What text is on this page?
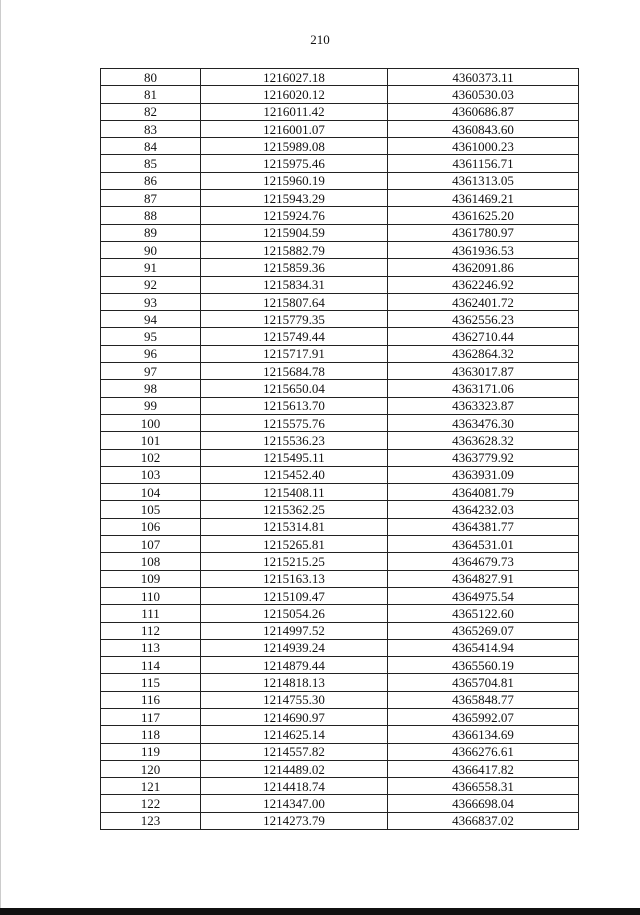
210
80	1216027.18	4360373.11
81	1216020.12	4360530.03
82	1216011.42	4360686.87
83	1216001.07	4360843.60
84	1215989.08	4361000.23
85	1215975.46	4361156.71
86	1215960.19	4361313.05
87	1215943.29	4361469.21
88	1215924.76	4361625.20
89	1215904.59	4361780.97
90	1215882.79	4361936.53
91	1215859.36	4362091.86
92	1215834.31	4362246.92
93	1215807.64	4362401.72
94	1215779.35	4362556.23
95	1215749.44	4362710.44
96	1215717.91	4362864.32
97	1215684.78	4363017.87
98	1215650.04	4363171.06
99	1215613.70	4363323.87
100	1215575.76	4363476.30
101	1215536.23	4363628.32
102	1215495.11	4363779.92
103	1215452.40	4363931.09
104	1215408.11	4364081.79
105	1215362.25	4364232.03
106	1215314.81	4364381.77
107	1215265.81	4364531.01
108	1215215.25	4364679.73
109	1215163.13	4364827.91
110	1215109.47	4364975.54
111	1215054.26	4365122.60
112	1214997.52	4365269.07
113	1214939.24	4365414.94
114	1214879.44	4365560.19
115	1214818.13	4365704.81
116	1214755.30	4365848.77
117	1214690.97	4365992.07
118	1214625.14	4366134.69
119	1214557.82	4366276.61
120	1214489.02	4366417.82
121	1214418.74	4366558.31
122	1214347.00	4366698.04
123	1214273.79	4366837.02
